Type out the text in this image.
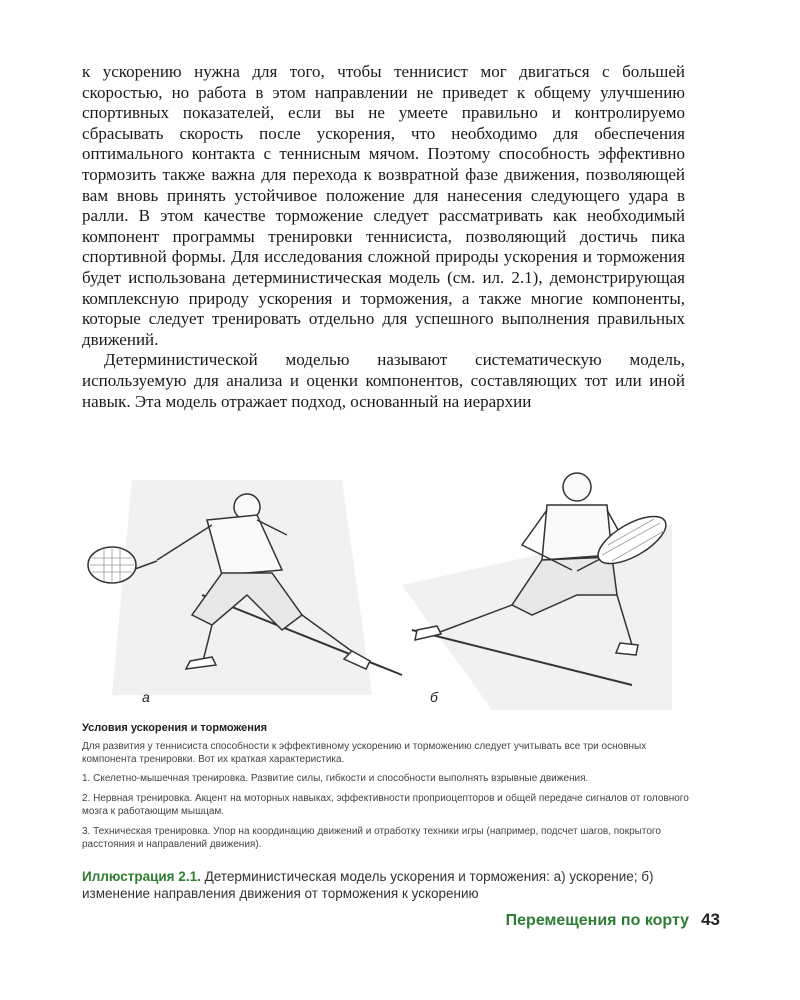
к ускорению нужна для того, чтобы теннисист мог двигаться с большей скоростью, но работа в этом направлении не приведет к общему улучшению спортивных показателей, если вы не умеете правильно и контролируемо сбрасывать скорость после ускорения, что необходимо для обеспечения оптимального контакта с теннисным мячом. Поэтому способность эффективно тормозить также важна для перехода к возвратной фазе движения, позволяющей вам вновь принять устойчивое положение для нанесения следующего удара в ралли. В этом качестве торможение следует рассматривать как необходимый компонент программы тренировки теннисиста, позволяющий достичь пика спортивной формы. Для исследования сложной природы ускорения и торможения будет использована детерминистическая модель (см. ил. 2.1), демонстрирующая комплексную природу ускорения и торможения, а также многие компоненты, которые следует тренировать отдельно для успешного выполнения правильных движений.

Детерминистической моделью называют систематическую модель, используемую для анализа и оценки компонентов, составляющих тот или иной навык. Эта модель отражает подход, основанный на иерархии

а	б
Условия ускорения и торможения
Для развития у теннисиста способности к эффективному ускорению и торможению следует учитывать все три основных компонента тренировки. Вот их краткая характеристика.
1. Скелетно-мышечная тренировка. Развитие силы, гибкости и способности выполнять взрывные движения.
2. Нервная тренировка. Акцент на моторных навыках, эффективности проприоцепторов и общей передаче сигналов от головного мозга к работающим мышцам.
3. Техническая тренировка. Упор на координацию движений и отработку техники игры (например, подсчет шагов, покрытого расстояния и направлений движения).
Иллюстрация 2.1. Детерминистическая модель ускорения и торможения: а) ускорение; б) изменение направления движения от торможения к ускорению
Перемещения по корту 43
